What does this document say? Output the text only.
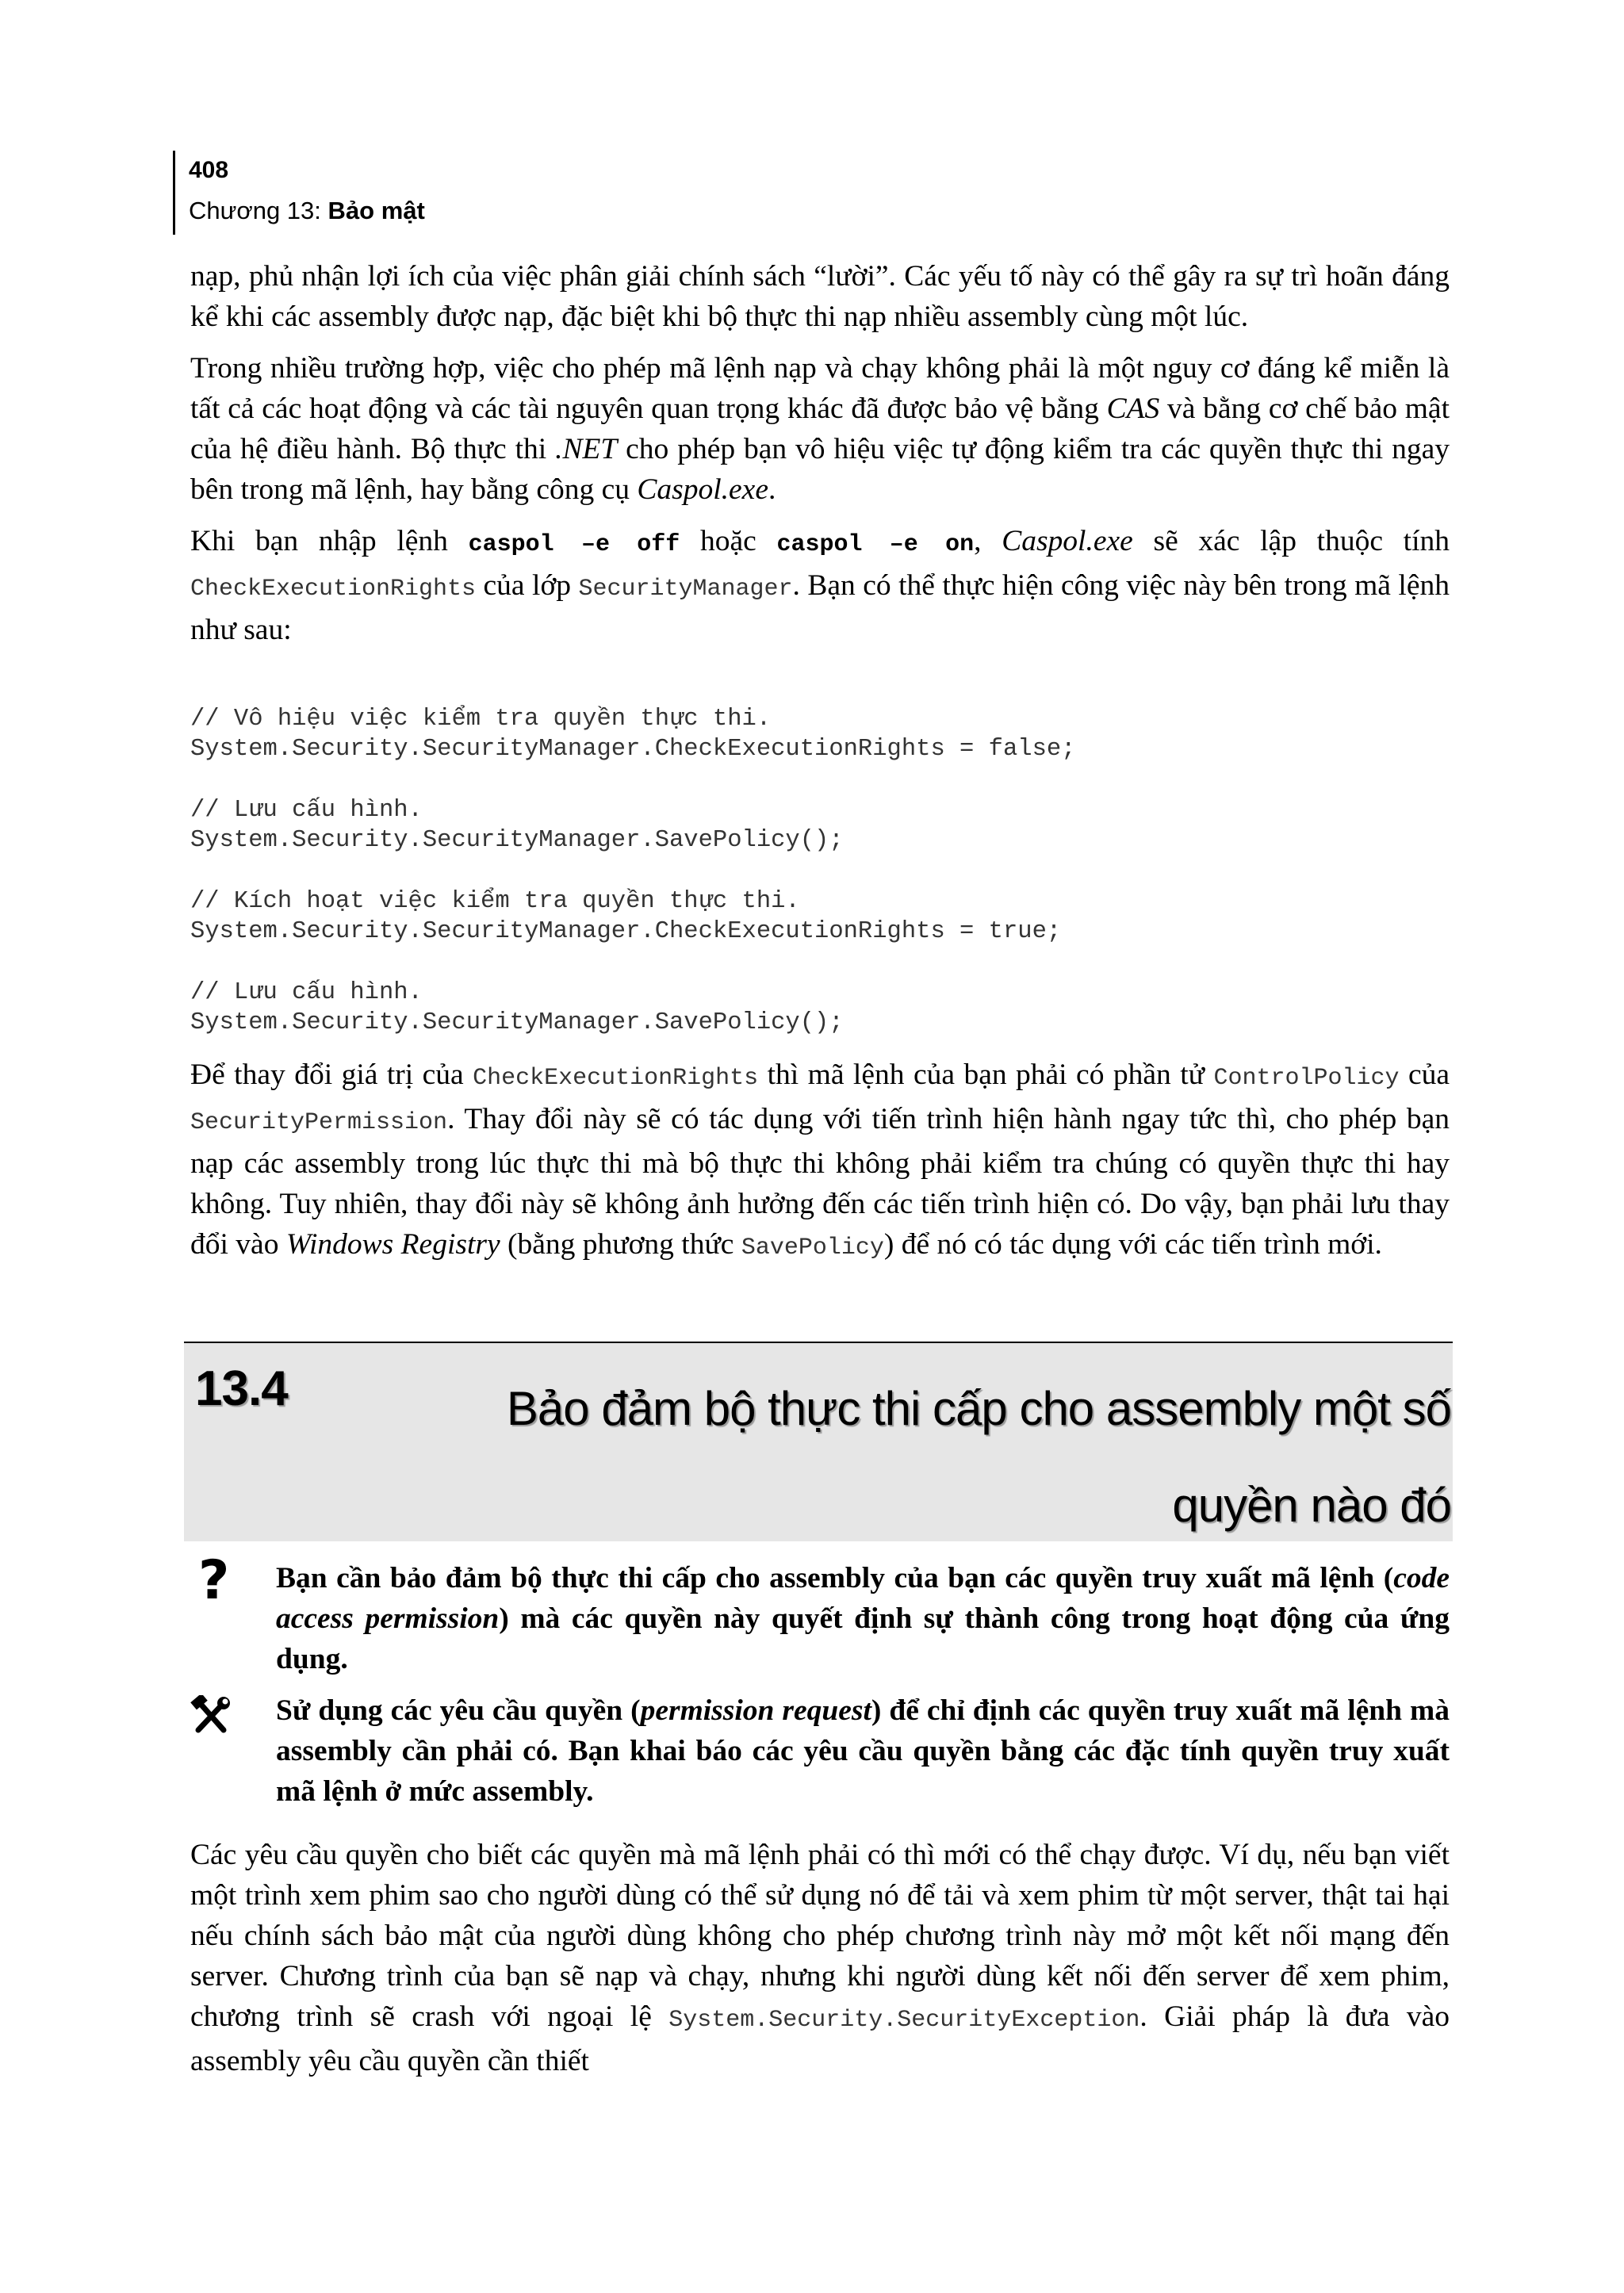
408
Chương 13: Bảo mật

nạp, phủ nhận lợi ích của việc phân giải chính sách “lười”. Các yếu tố này có thể gây ra sự trì hoãn đáng kể khi các assembly được nạp, đặc biệt khi bộ thực thi nạp nhiều assembly cùng một lúc.

Trong nhiều trường hợp, việc cho phép mã lệnh nạp và chạy không phải là một nguy cơ đáng kể miễn là tất cả các hoạt động và các tài nguyên quan trọng khác đã được bảo vệ bằng CAS và bằng cơ chế bảo mật của hệ điều hành. Bộ thực thi .NET cho phép bạn vô hiệu việc tự động kiểm tra các quyền thực thi ngay bên trong mã lệnh, hay bằng công cụ Caspol.exe.

Khi bạn nhập lệnh caspol –e off hoặc caspol –e on, Caspol.exe sẽ xác lập thuộc tính CheckExecutionRights của lớp SecurityManager. Bạn có thể thực hiện công việc này bên trong mã lệnh như sau:

// Vô hiệu việc kiểm tra quyền thực thi.
System.Security.SecurityManager.CheckExecutionRights = false;
// Lưu cấu hình.
System.Security.SecurityManager.SavePolicy();
// Kích hoạt việc kiểm tra quyền thực thi.
System.Security.SecurityManager.CheckExecutionRights = true;
// Lưu cấu hình.
System.Security.SecurityManager.SavePolicy();

Để thay đổi giá trị của CheckExecutionRights thì mã lệnh của bạn phải có phần tử ControlPolicy của SecurityPermission. Thay đổi này sẽ có tác dụng với tiến trình hiện hành ngay tức thì, cho phép bạn nạp các assembly trong lúc thực thi mà bộ thực thi không phải kiểm tra chúng có quyền thực thi hay không. Tuy nhiên, thay đổi này sẽ không ảnh hưởng đến các tiến trình hiện có. Do vậy, bạn phải lưu thay đổi vào Windows Registry (bằng phương thức SavePolicy) để nó có tác dụng với các tiến trình mới.

13.4	Bảo đảm bộ thực thi cấp cho assembly một số
quyền nào đó
? Bạn cần bảo đảm bộ thực thi cấp cho assembly của bạn các quyền truy xuất mã lệnh (code access permission) mà các quyền này quyết định sự thành công trong hoạt động của ứng dụng.

Sử dụng các yêu cầu quyền (permission request) để chỉ định các quyền truy xuất mã lệnh mà assembly cần phải có. Bạn khai báo các yêu cầu quyền bằng các đặc tính quyền truy xuất mã lệnh ở mức assembly.

Các yêu cầu quyền cho biết các quyền mà mã lệnh phải có thì mới có thể chạy được. Ví dụ, nếu bạn viết một trình xem phim sao cho người dùng có thể sử dụng nó để tải và xem phim từ một server, thật tai hại nếu chính sách bảo mật của người dùng không cho phép chương trình này mở một kết nối mạng đến server. Chương trình của bạn sẽ nạp và chạy, nhưng khi người dùng kết nối đến server để xem phim, chương trình sẽ crash với ngoại lệ System.Security.SecurityException. Giải pháp là đưa vào assembly yêu cầu quyền cần thiết
